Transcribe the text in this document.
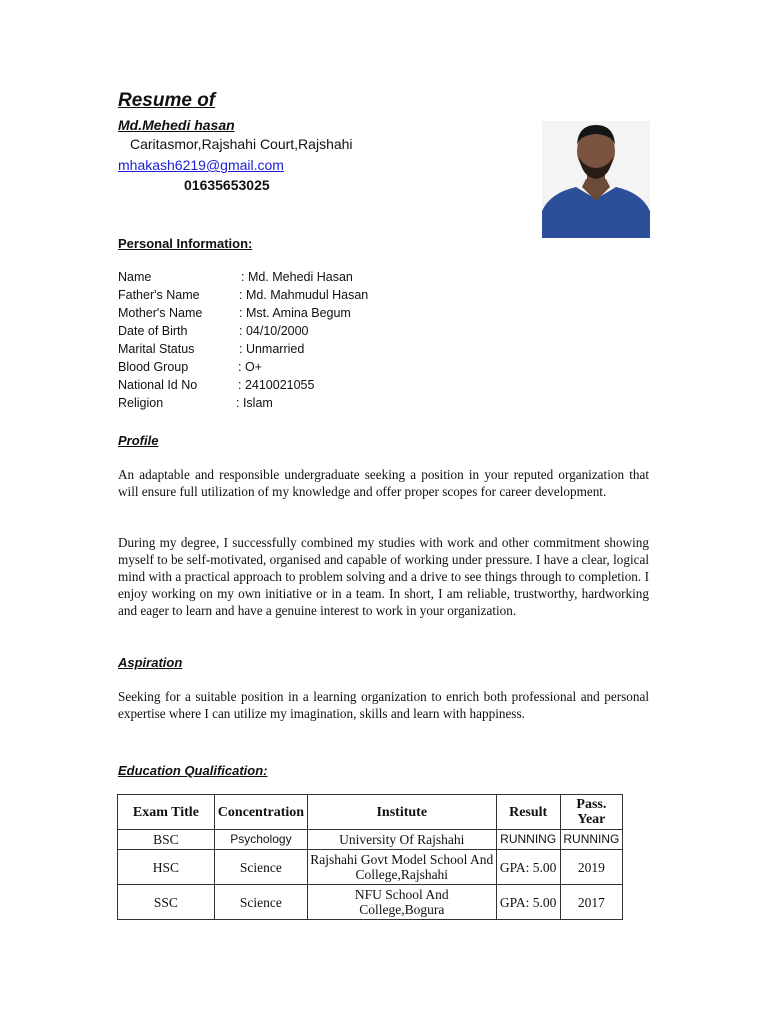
Resume of
Md.Mehedi hasan
Caritasmor,Rajshahi Court,Rajshahi
mhakash6219@gmail.com
01635653025
Personal Information:
Name	: Md. Mehedi Hasan
Father's Name	: Md. Mahmudul Hasan
Mother's Name	: Mst. Amina Begum
Date of Birth	: 04/10/2000
Marital Status	: Unmarried
Blood Group	: O+
National Id No	: 2410021055
Religion	: Islam
Profile
An adaptable and responsible undergraduate seeking a position in your reputed organization that will ensure full utilization of my knowledge and offer proper scopes for career development.
During my degree, I successfully combined my studies with work and other commitment showing myself to be self-motivated, organised and capable of working under pressure. I have a clear, logical mind with a practical approach to problem solving and a drive to see things through to completion. I enjoy working on my own initiative or in a team. In short, I am reliable, trustworthy, hardworking and eager to learn and have a genuine interest to work in your organization.
Aspiration
Seeking for a suitable position in a learning organization to enrich both professional and personal expertise where I can utilize my imagination, skills and learn with happiness.
Education Qualification:
Exam Title	Concentration	Institute	Result	Pass. Year
BSC	Psychology	University Of Rajshahi	RUNNING	RUNNING
HSC	Science	Rajshahi Govt Model School And College,Rajshahi	GPA: 5.00	2019
SSC	Science	NFU School And College,Bogura	GPA: 5.00	2017
